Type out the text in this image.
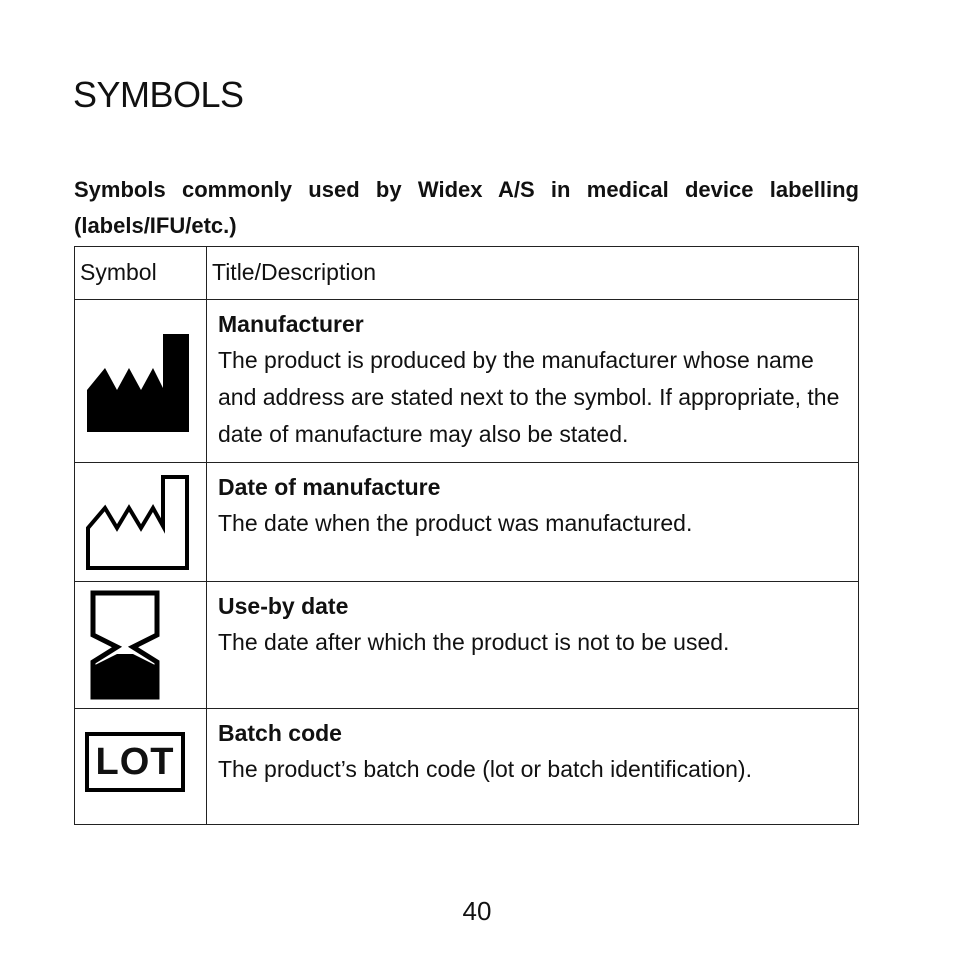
SYMBOLS

Symbols commonly used by Widex A/S in medical device labelling (labels/IFU/etc.)

Symbol	Title/Description

Manufacturer
The product is produced by the manufacturer whose name and address are stated next to the symbol. If appropriate, the date of manufacture may also be stated.

Date of manufacture
The date when the product was manufactured.

Use-by date
The date after which the product is not to be used.

LOT	Batch code
The product’s batch code (lot or batch identification).

40
